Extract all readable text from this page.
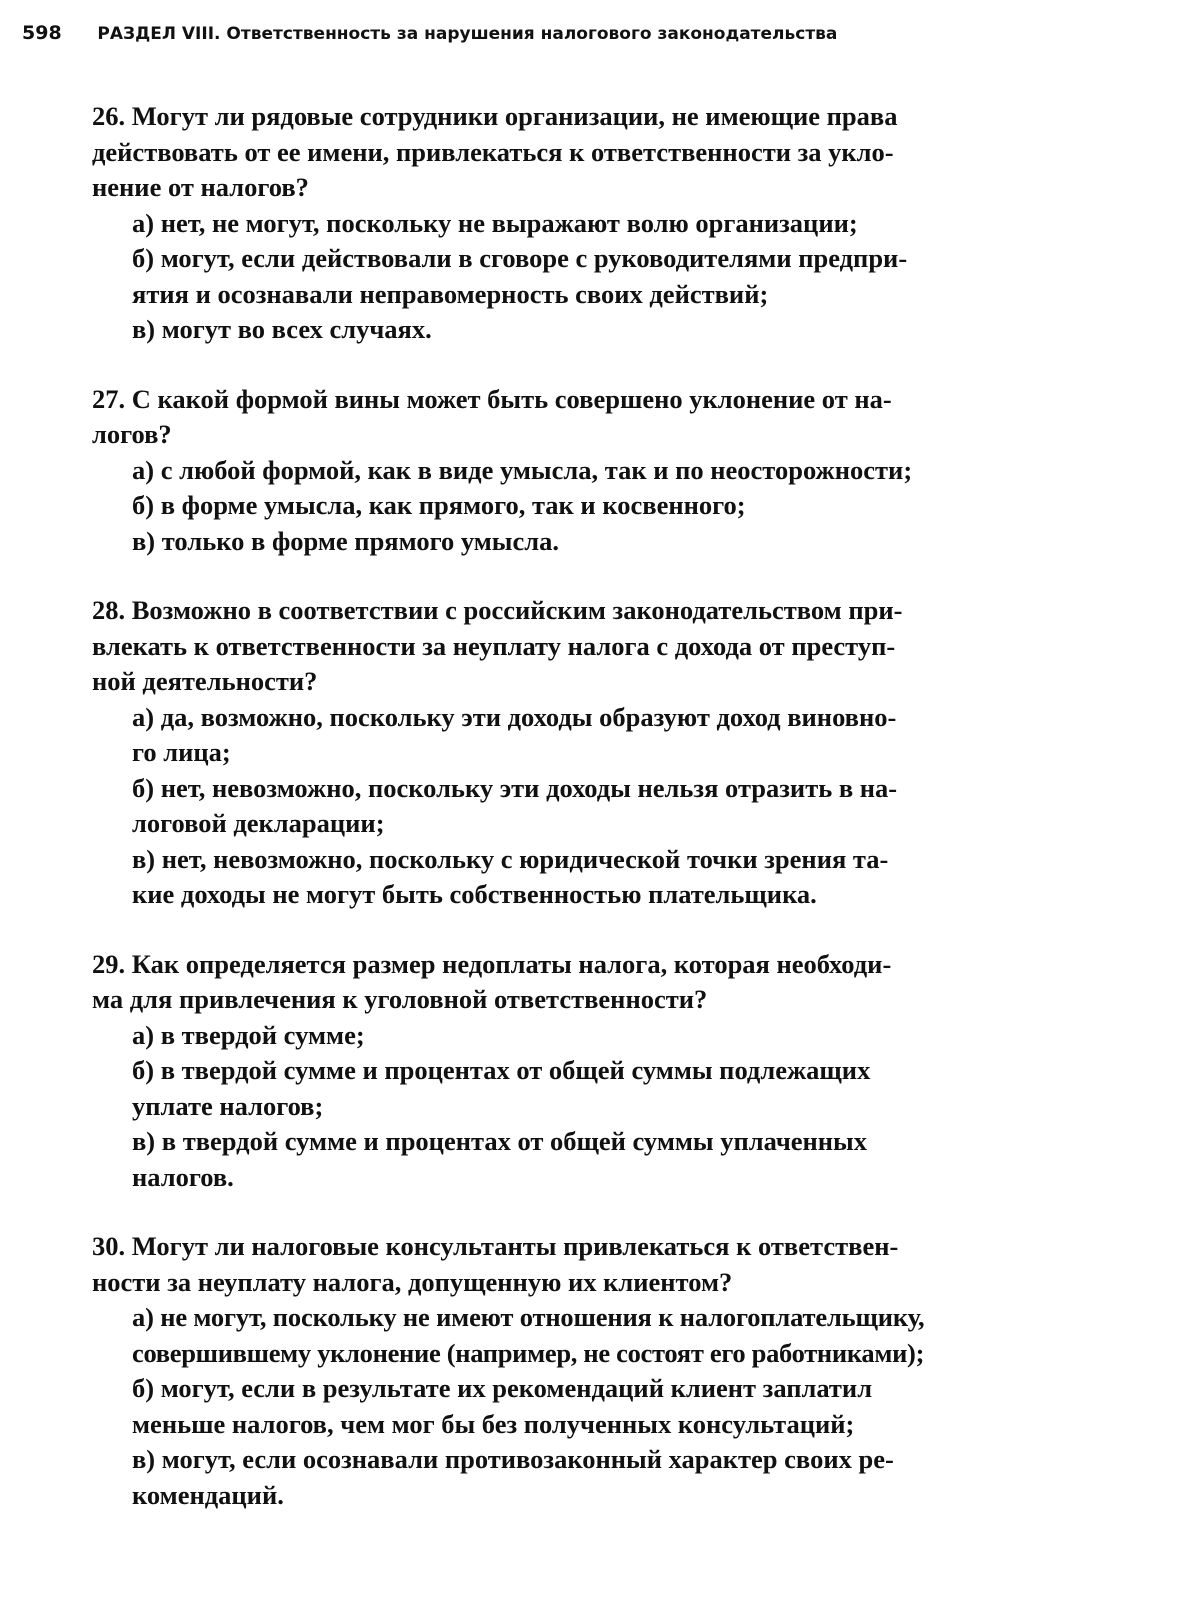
598 РАЗДЕЛ VIII. Ответственность за нарушения налогового законодательства
26. Могут ли рядовые сотрудники организации, не имеющие права
действовать от ее имени, привлекаться к ответственности за укло-
нение от налогов?
а) нет, не могут, поскольку не выражают волю организации;
б) могут, если действовали в сговоре с руководителями предпри-
ятия и осознавали неправомерность своих действий;
в) могут во всех случаях.
27. С какой формой вины может быть совершено уклонение от на-
логов?
а) с любой формой, как в виде умысла, так и по неосторожности;
б) в форме умысла, как прямого, так и косвенного;
в) только в форме прямого умысла.
28. Возможно в соответствии с российским законодательством при-
влекать к ответственности за неуплату налога с дохода от преступ-
ной деятельности?
а) да, возможно, поскольку эти доходы образуют доход виновно-
го лица;
б) нет, невозможно, поскольку эти доходы нельзя отразить в на-
логовой декларации;
в) нет, невозможно, поскольку с юридической точки зрения та-
кие доходы не могут быть собственностью плательщика.
29. Как определяется размер недоплаты налога, которая необходи-
ма для привлечения к уголовной ответственности?
а) в твердой сумме;
б) в твердой сумме и процентах от общей суммы подлежащих
уплате налогов;
в) в твердой сумме и процентах от общей суммы уплаченных
налогов.
30. Могут ли налоговые консультанты привлекаться к ответствен-
ности за неуплату налога, допущенную их клиентом?
а) не могут, поскольку не имеют отношения к налогоплательщику,
совершившему уклонение (например, не состоят его работниками);
б) могут, если в результате их рекомендаций клиент заплатил
меньше налогов, чем мог бы без полученных консультаций;
в) могут, если осознавали противозаконный характер своих ре-
комендаций.
